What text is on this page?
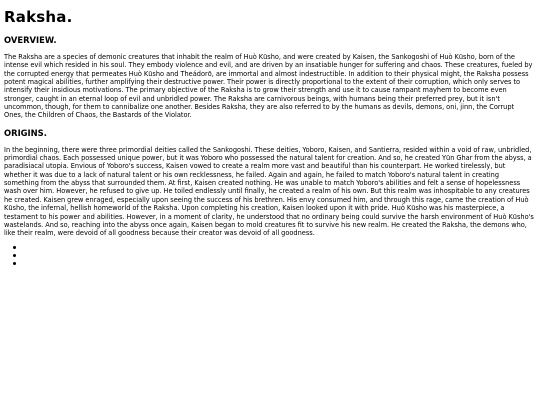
Raksha.
OVERVIEW.

The Raksha are a species of demonic creatures that inhabit the realm of Huò Kūsho, and were created by Kaisen, the Sankogoshi of Huò Kūsho, born of the intense evil which resided in his soul. They embody violence and evil, and are driven by an insatiable hunger for suffering and chaos. These creatures, fueled by the corrupted energy that permeates Huò Kūsho and Theádorō, are immortal and almost indestructible. In addition to their physical might, the Raksha possess potent magical abilities, further amplifying their destructive power. Their power is directly proportional to the extent of their corruption, which only serves to intensify their insidious motivations. The primary objective of the Raksha is to grow their strength and use it to cause rampant mayhem to become even stronger, caught in an eternal loop of evil and unbridled power. The Raksha are carnivorous beings, with humans being their preferred prey, but it isn't uncommon, though, for them to cannibalize one another. Besides Raksha, they are also referred to by the humans as devils, demons, oni, jinn, the Corrupt Ones, the Children of Chaos, the Bastards of the Violator.

ORIGINS.

In the beginning, there were three primordial deities called the Sankogoshi. These deities, Yoboro, Kaisen, and Santierra, resided within a void of raw, unbridled, primordial chaos. Each possessed unique power, but it was Yoboro who possessed the natural talent for creation. And so, he created Yūn Ghar from the abyss, a paradisiacal utopia. Envious of Yoboro's success, Kaisen vowed to create a realm more vast and beautiful than his counterpart. He worked tirelessly, but whether it was due to a lack of natural talent or his own recklessness, he failed. Again and again, he failed to match Yoboro's natural talent in creating something from the abyss that surrounded them. At first, Kaisen created nothing. He was unable to match Yoboro's abilities and felt a sense of hopelessness wash over him. However, he refused to give up. He toiled endlessly until finally, he created a realm of his own. But this realm was inhospitable to any creatures he created. Kaisen grew enraged, especially upon seeing the success of his brethren. His envy consumed him, and through this rage, came the creation of Huò Kūsho, the infernal, hellish homeworld of the Raksha. Upon completing his creation, Kaisen looked upon it with pride. Huò Kūsho was his masterpiece, a testament to his power and abilities. However, in a moment of clarity, he understood that no ordinary being could survive the harsh environment of Huò Kūsho's wastelands. And so, reaching into the abyss once again, Kaisen began to mold creatures fit to survive his new realm. He created the Raksha, the demons who, like their realm, were devoid of all goodness because their creator was devoid of all goodness.
